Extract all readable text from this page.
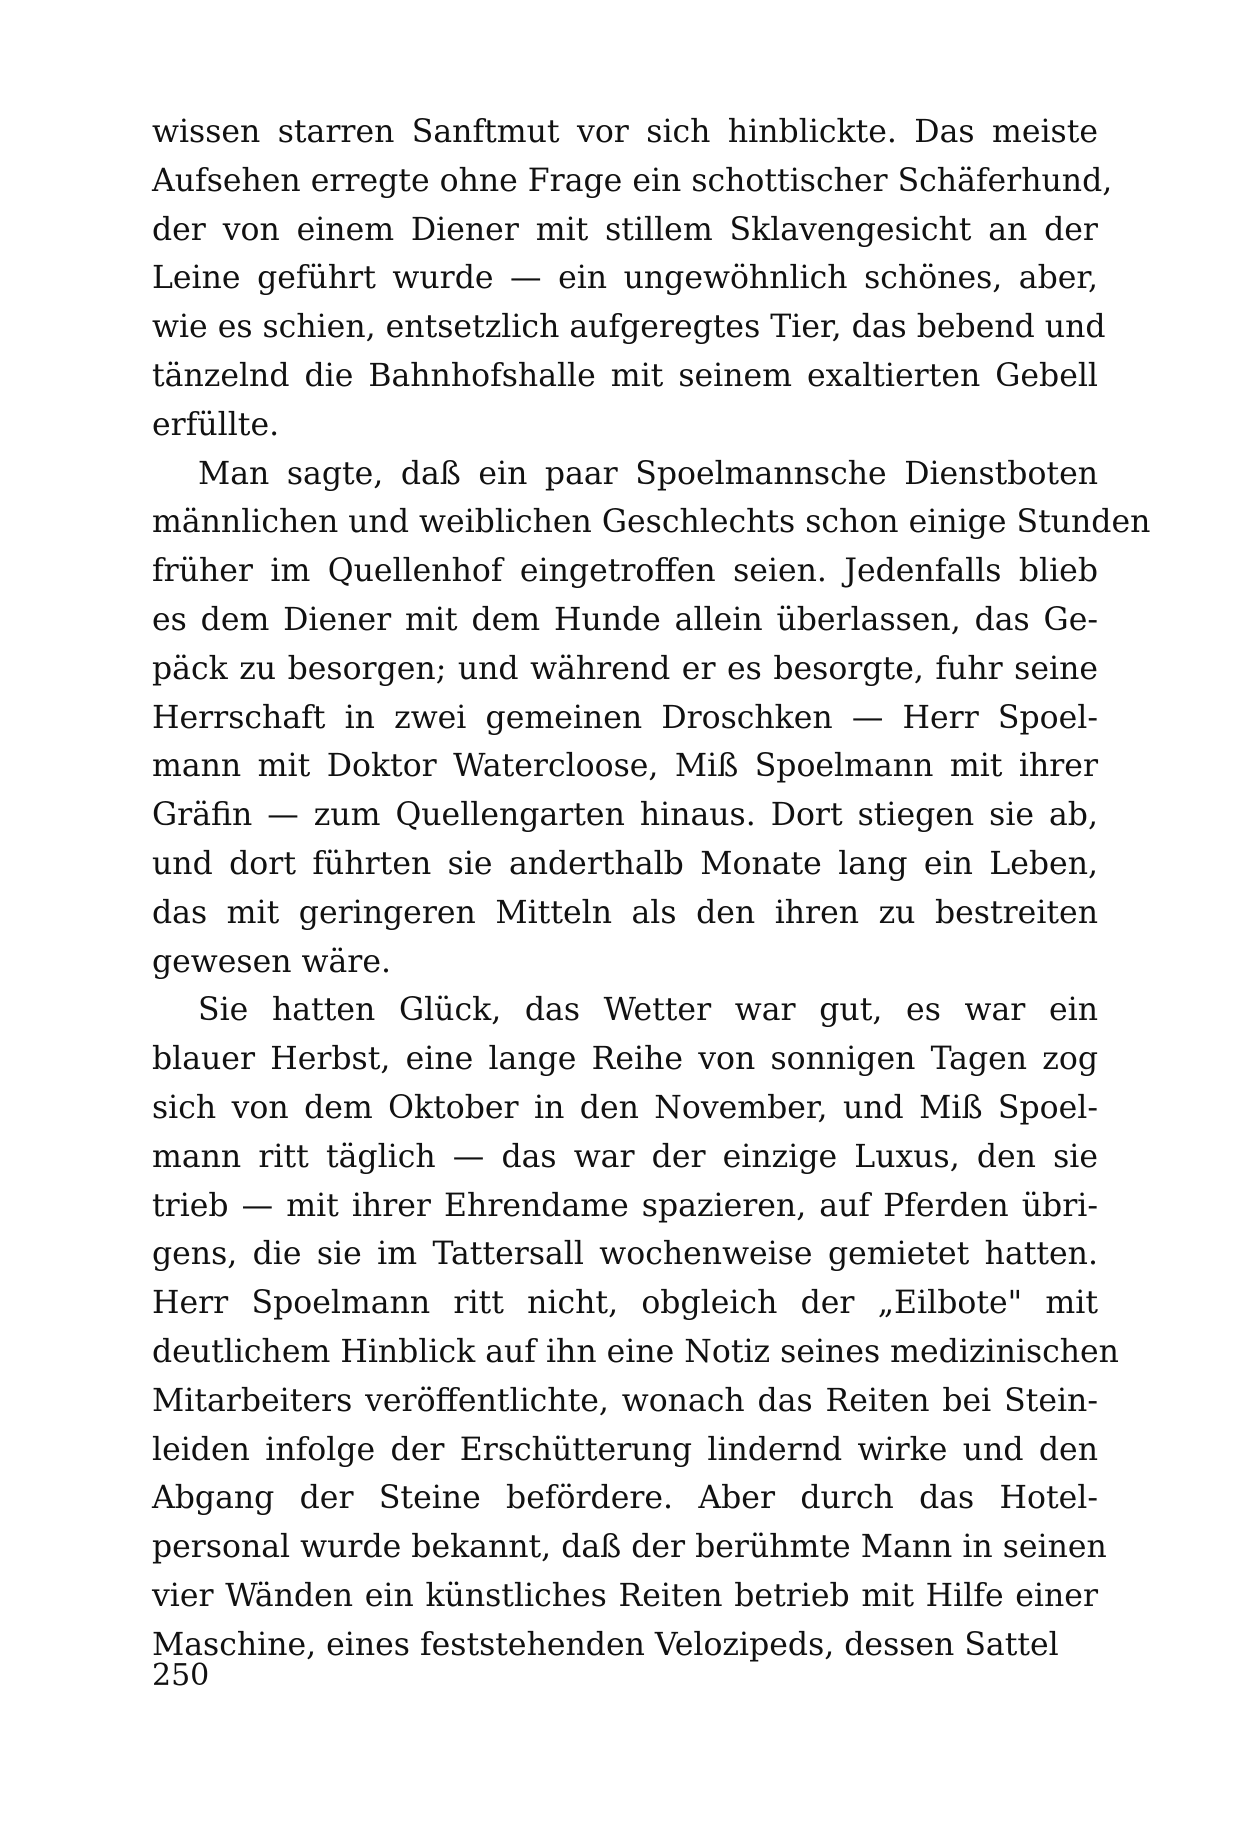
wissen starren Sanftmut vor sich hinblickte. Das meiste
Aufsehen erregte ohne Frage ein schottischer Schäferhund,
der von einem Diener mit stillem Sklavengesicht an der
Leine geführt wurde — ein ungewöhnlich schönes, aber,
wie es schien, entsetzlich aufgeregtes Tier, das bebend und
tänzelnd die Bahnhofshalle mit seinem exaltierten Gebell
erfüllte.
Man sagte, daß ein paar Spoelmannsche Dienstboten
männlichen und weiblichen Geschlechts schon einige Stunden
früher im Quellenhof eingetroffen seien. Jedenfalls blieb
es dem Diener mit dem Hunde allein überlassen, das Ge-
päck zu besorgen; und während er es besorgte, fuhr seine
Herrschaft in zwei gemeinen Droschken — Herr Spoel-
mann mit Doktor Watercloose, Miß Spoelmann mit ihrer
Gräfin — zum Quellengarten hinaus. Dort stiegen sie ab,
und dort führten sie anderthalb Monate lang ein Leben,
das mit geringeren Mitteln als den ihren zu bestreiten
gewesen wäre.
Sie hatten Glück, das Wetter war gut, es war ein
blauer Herbst, eine lange Reihe von sonnigen Tagen zog
sich von dem Oktober in den November, und Miß Spoel-
mann ritt täglich — das war der einzige Luxus, den sie
trieb — mit ihrer Ehrendame spazieren, auf Pferden übri-
gens, die sie im Tattersall wochenweise gemietet hatten.
Herr Spoelmann ritt nicht, obgleich der „Eilbote" mit
deutlichem Hinblick auf ihn eine Notiz seines medizinischen
Mitarbeiters veröffentlichte, wonach das Reiten bei Stein-
leiden infolge der Erschütterung lindernd wirke und den
Abgang der Steine befördere. Aber durch das Hotel-
personal wurde bekannt, daß der berühmte Mann in seinen
vier Wänden ein künstliches Reiten betrieb mit Hilfe einer
Maschine, eines feststehenden Velozipeds, dessen Sattel
250
